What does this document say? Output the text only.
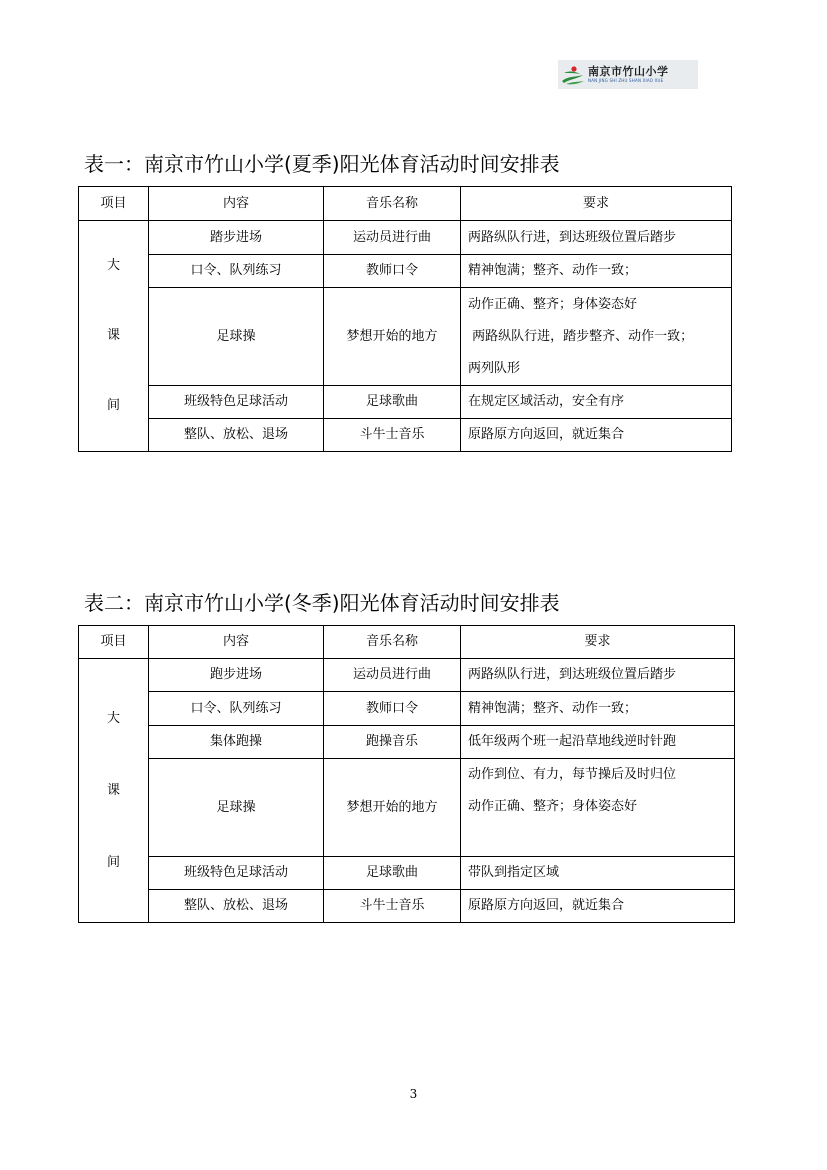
南京市竹山小学
NAN JING SHI ZHU SHAN XIAO XUE
表一：南京市竹山小学(夏季)阳光体育活动时间安排表
项目	内容	音乐名称	要求

大
课
间	踏步进场	运动员进行曲	两路纵队行进，到达班级位置后踏步
	口令、队列练习	教师口令	精神饱满；整齐、动作一致；
	足球操	梦想开始的地方	动作正确、整齐；身体姿态好
两路纵队行进，踏步整齐、动作一致；
两列队形

	班级特色足球活动	足球歌曲	在规定区域活动，安全有序
	整队、放松、退场	斗牛士音乐	原路原方向返回，就近集合
表二：南京市竹山小学(冬季)阳光体育活动时间安排表
项目	内容	音乐名称	要求

大
课
间	跑步进场	运动员进行曲	两路纵队行进，到达班级位置后踏步
	口令、队列练习	教师口令	精神饱满；整齐、动作一致；
	集体跑操	跑操音乐	低年级两个班一起沿草地线逆时针跑
	足球操	梦想开始的地方	动作到位、有力，每节操后及时归位
动作正确、整齐；身体姿态好

	班级特色足球活动	足球歌曲	带队到指定区域
	整队、放松、退场	斗牛士音乐	原路原方向返回，就近集合
3
